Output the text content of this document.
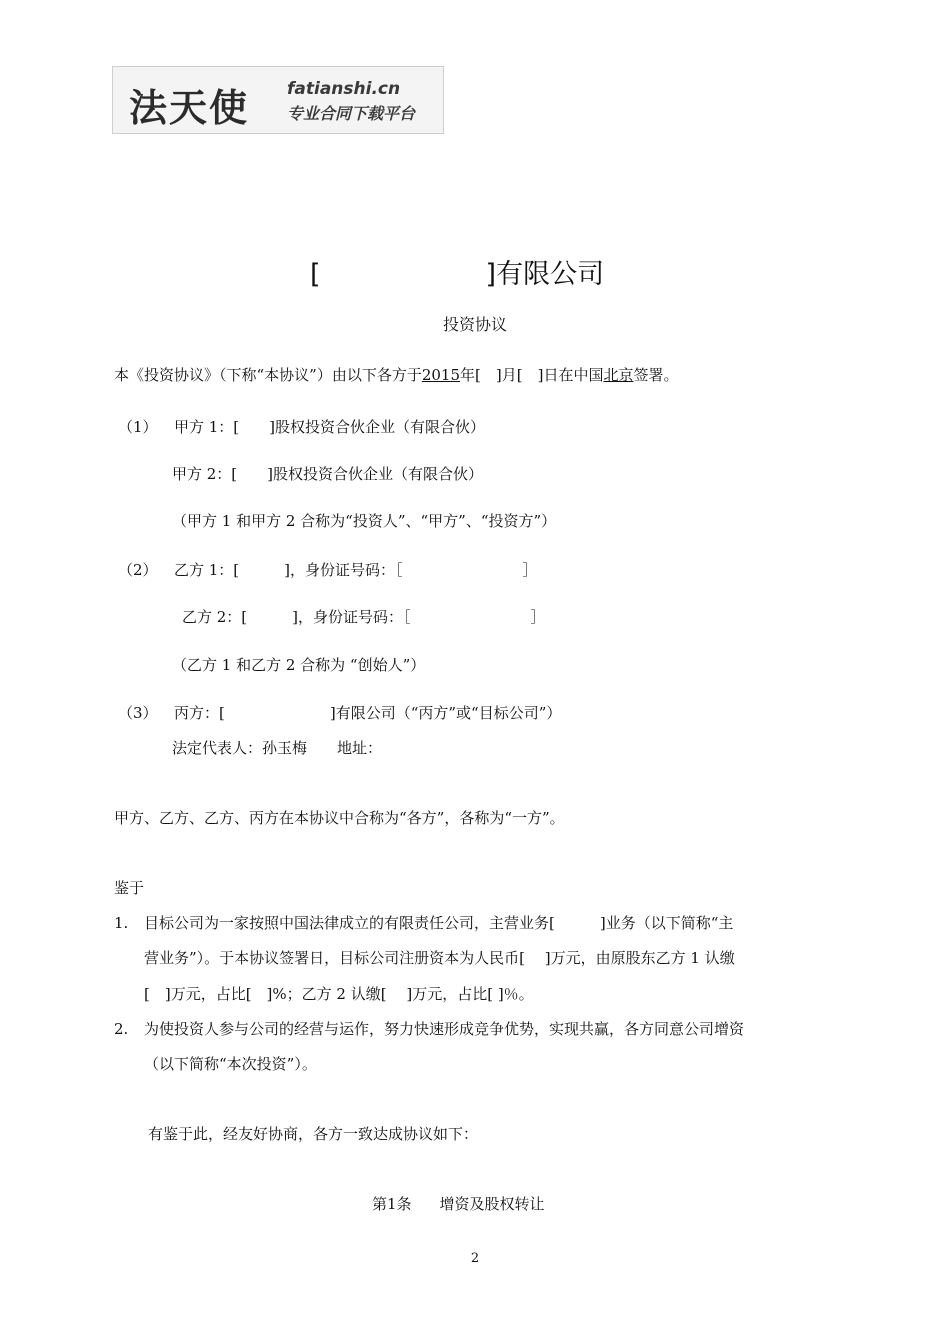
法天使 fatianshi.cn
专业合同下载平台
[	]有限公司
投资协议
本《投资协议》（下称“本协议”）由以下各方于2015年[　]月[　]日在中国北京签署。
（1） 甲方 1：[　　]股权投资合伙企业（有限合伙）
甲方 2：[　　]股权投资合伙企业（有限合伙）
（甲方 1 和甲方 2 合称为“投资人”、“甲方”、“投资方”）
（2） 乙方 1：[　　　]，身份证号码：［　　　　　　　　］
乙方 2：[　　　]，身份证号码：［　　　　　　　　］
（乙方 1 和乙方 2 合称为 “创始人”）
（3） 丙方：[　　　　　　　]有限公司（“丙方”或“目标公司”）
法定代表人：孙玉梅　　地址：
甲方、乙方、乙方、丙方在本协议中合称为“各方”，各称为“一方”。
鉴于
1. 目标公司为一家按照中国法律成立的有限责任公司，主营业务[　　　]业务（以下简称“主
营业务”）。于本协议签署日，目标公司注册资本为人民币[　 ]万元，由原股东乙方 1 认缴
[　]万元，占比[　]%；乙方 2 认缴[　 ]万元，占比[ ]％。
2. 为使投资人参与公司的经营与运作，努力快速形成竞争优势，实现共赢，各方同意公司增资
（以下简称“本次投资”）。
有鉴于此，经友好协商，各方一致达成协议如下：
第1条 增资及股权转让
2
